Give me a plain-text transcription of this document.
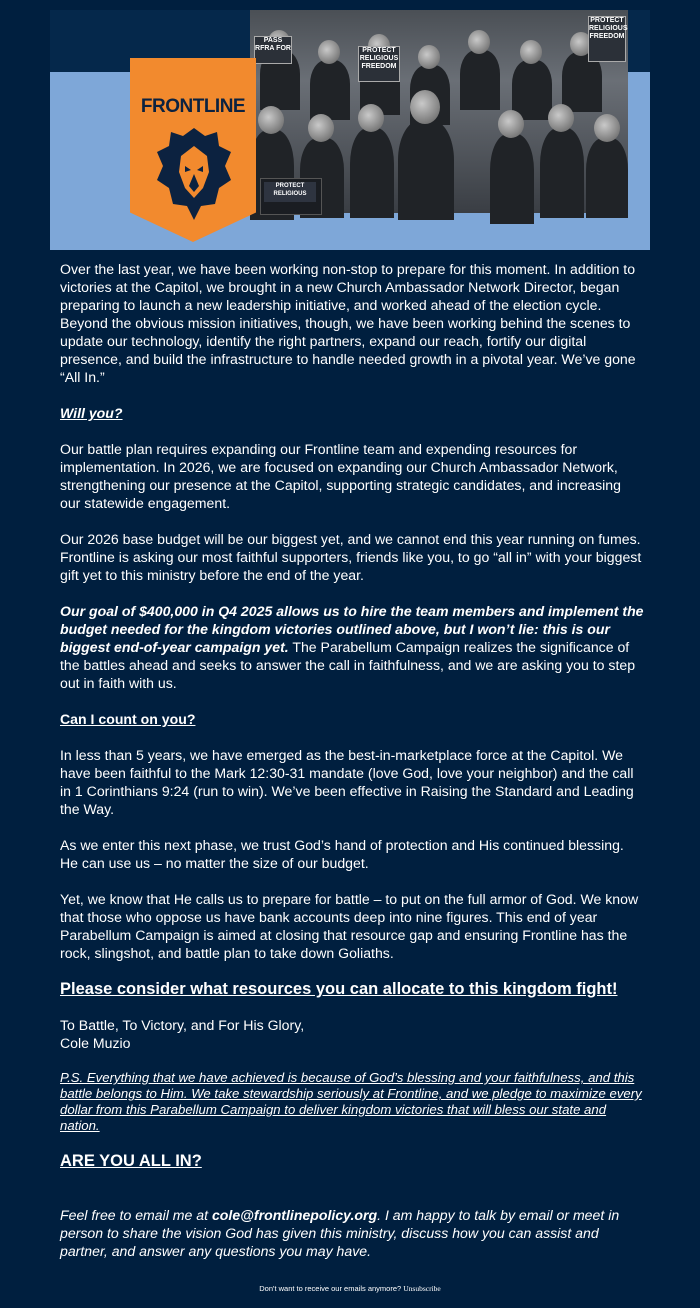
PROTECT RELIGIOUS FREEDOM
PASS RFRA FOR
PROTECT RELIGIOUS FREEDOM
PROTECT RELIGIOUS
FRONTLINE

Over the last year, we have been working non-stop to prepare for this moment. In addition to victories at the Capitol, we brought in a new Church Ambassador Network Director, began preparing to launch a new leadership initiative, and worked ahead of the election cycle. Beyond the obvious mission initiatives, though, we have been working behind the scenes to update our technology, identify the right partners, expand our reach, fortify our digital presence, and build the infrastructure to handle needed growth in a pivotal year. We’ve gone “All In.”

Will you?

Our battle plan requires expanding our Frontline team and expending resources for implementation. In 2026, we are focused on expanding our Church Ambassador Network, strengthening our presence at the Capitol, supporting strategic candidates, and increasing our statewide engagement.

Our 2026 base budget will be our biggest yet, and we cannot end this year running on fumes. Frontline is asking our most faithful supporters, friends like you, to go “all in” with your biggest gift yet to this ministry before the end of the year.

Our goal of $400,000 in Q4 2025 allows us to hire the team members and implement the budget needed for the kingdom victories outlined above, but I won’t lie: this is our biggest end-of-year campaign yet. The Parabellum Campaign realizes the significance of the battles ahead and seeks to answer the call in faithfulness, and we are asking you to step out in faith with us.

Can I count on you?

In less than 5 years, we have emerged as the best-in-marketplace force at the Capitol. We have been faithful to the Mark 12:30-31 mandate (love God, love your neighbor) and the call in 1 Corinthians 9:24 (run to win). We’ve been effective in Raising the Standard and Leading the Way.

As we enter this next phase, we trust God’s hand of protection and His continued blessing. He can use us – no matter the size of our budget.

Yet, we know that He calls us to prepare for battle – to put on the full armor of God. We know that those who oppose us have bank accounts deep into nine figures. This end of year Parabellum Campaign is aimed at closing that resource gap and ensuring Frontline has the rock, slingshot, and battle plan to take down Goliaths.

Please consider what resources you can allocate to this kingdom fight!

To Battle, To Victory, and For His Glory,
Cole Muzio

P.S. Everything that we have achieved is because of God’s blessing and your faithfulness, and this battle belongs to Him. We take stewardship seriously at Frontline, and we pledge to maximize every dollar from this Parabellum Campaign to deliver kingdom victories that will bless our state and nation.

ARE YOU ALL IN?

Feel free to email me at cole@frontlinepolicy.org. I am happy to talk by email or meet in person to share the vision God has given this ministry, discuss how you can assist and partner, and answer any questions you may have.

Don't want to receive our emails anymore? Unsubscribe
